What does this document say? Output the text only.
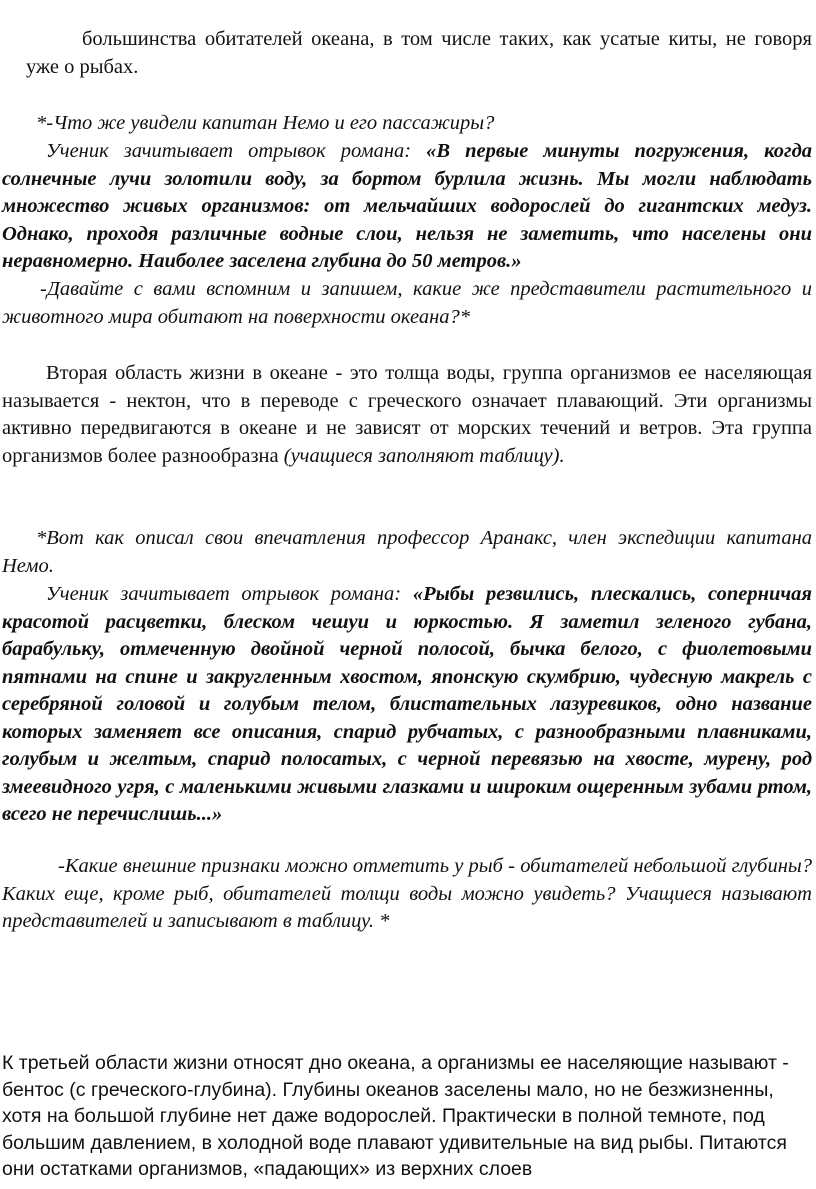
большинства обитателей океана, в том числе таких, как усатые киты, не говоря уже о рыбах.

*-Что же увидели капитан Немо и его пассажиры?

Ученик зачитывает отрывок романа: «В первые минуты погружения, когда солнечные лучи золотили воду, за бортом бурлила жизнь. Мы могли наблюдать множество живых организмов: от мельчайших водорослей до гигантских медуз. Однако, проходя различные водные слои, нельзя не заметить, что населены они неравномерно. Наиболее заселена глубина до 50 метров.»

-Давайте с вами вспомним и запишем, какие же представители растительного и животного мира обитают на поверхности океана?*

Вторая область жизни в океане - это толща воды, группа организмов ее населяющая называется - нектон, что в переводе с греческого означает плавающий. Эти организмы активно передвигаются в океане и не зависят от морских течений и ветров. Эта группа организмов более разнообразна (учащиеся заполняют таблицу).

*Вот как описал свои впечатления профессор Аранакс, член экспедиции капитана Немо.

Ученик зачитывает отрывок романа: «Рыбы резвились, плескались, соперничая красотой расцветки, блеском чешуи и юркостью. Я заметил зеленого губана, барабульку, отмеченную двойной черной полосой, бычка белого, с фиолетовыми пятнами на спине и закругленным хвостом, японскую скумбрию, чудесную макрель с серебряной головой и голубым телом, блистательных лазуревиков, одно название которых заменяет все описания, спарид рубчатых, с разнообразными плавниками, голубым и желтым, спарид полосатых, с черной перевязью на хвосте, мурену, род змеевидного угря, с маленькими живыми глазками и широким ощеренным зубами ртом, всего не перечислишь...»

-Какие внешние признаки можно отметить у рыб - обитателей небольшой глубины? Каких еще, кроме рыб, обитателей толщи воды можно увидеть? Учащиеся называют представителей и записывают в таблицу. *

К третьей области жизни относят дно океана, а организмы ее населяющие называют - бентос (с греческого-глубина). Глубины океанов заселены мало, но не безжизненны, хотя на большой глубине нет даже водорослей. Практически в полной темноте, под большим давлением, в холодной воде плавают удивительные на вид рыбы. Питаются они остатками организмов, «падающих» из верхних слоев
